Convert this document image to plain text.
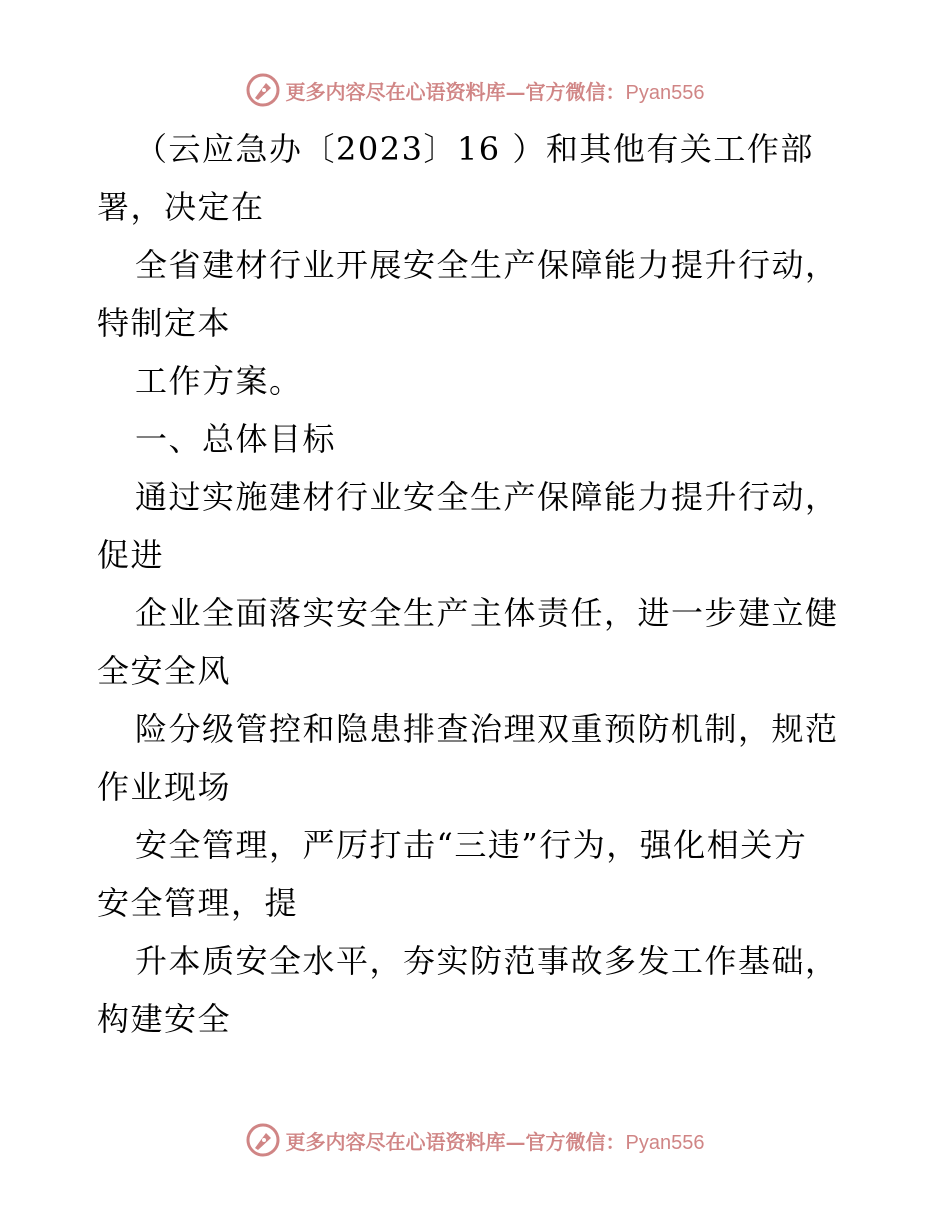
更多内容尽在心语资料库—官方微信：Pyan556
（云应急办〔2023〕16 ）和其他有关工作部
署，决定在
全省建材行业开展安全生产保障能力提升行动，
特制定本
工作方案。
一、总体目标
通过实施建材行业安全生产保障能力提升行动，
促进
企业全面落实安全生产主体责任，进一步建立健
全安全风
险分级管控和隐患排查治理双重预防机制，规范
作业现场
安全管理，严厉打击“三违”行为，强化相关方
安全管理，提
升本质安全水平，夯实防范事故多发工作基础，
构建安全
更多内容尽在心语资料库—官方微信：Pyan556
